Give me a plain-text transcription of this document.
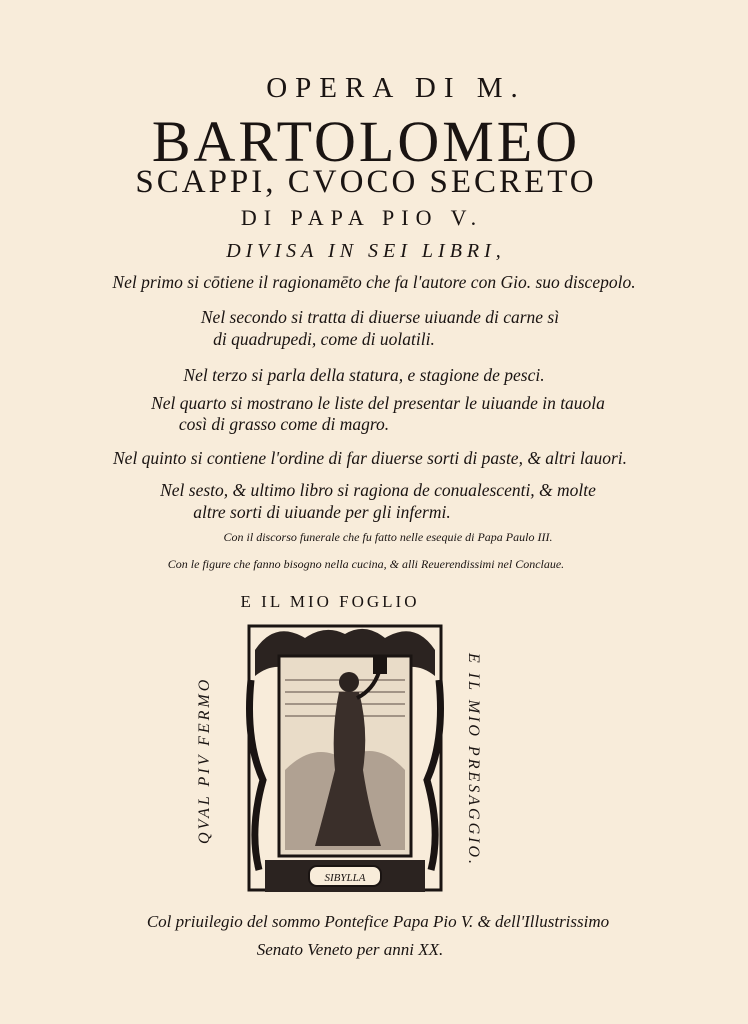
OPERA DI M.
BARTOLOMEO
SCAPPI, CVOCO SECRETO
DI PAPA PIO V.
DIVISA IN SEI LIBRI,
Nel primo si cōtiene il ragionamēto che fa l'autore con Gio. suo discepolo.
Nel secondo si tratta di diuerse uiuande di carne sì
di quadrupedi, come di uolatili.
Nel terzo si parla della statura, e stagione de pesci.
Nel quarto si mostrano le liste del presentar le uiuande in tauola
così di grasso come di magro.
Nel quinto si contiene l'ordine di far diuerse sorti di paste, & altri lauori.
Nel sesto, & ultimo libro si ragiona de conualescenti, & molte
altre sorti di uiuande per gli infermi.
Con il discorso funerale che fu fatto nelle esequie di Papa Paulo III.
Con le figure che fanno bisogno nella cucina, & alli Reuerendissimi nel Conclaue.
E IL MIO FOGLIO
QVAL PIV FERMO	E IL MIO PRESAGGIO.
SIBYLLA
Col priuilegio del sommo Pontefice Papa Pio V. & dell'Illustrissimo
Senato Veneto per anni XX.
